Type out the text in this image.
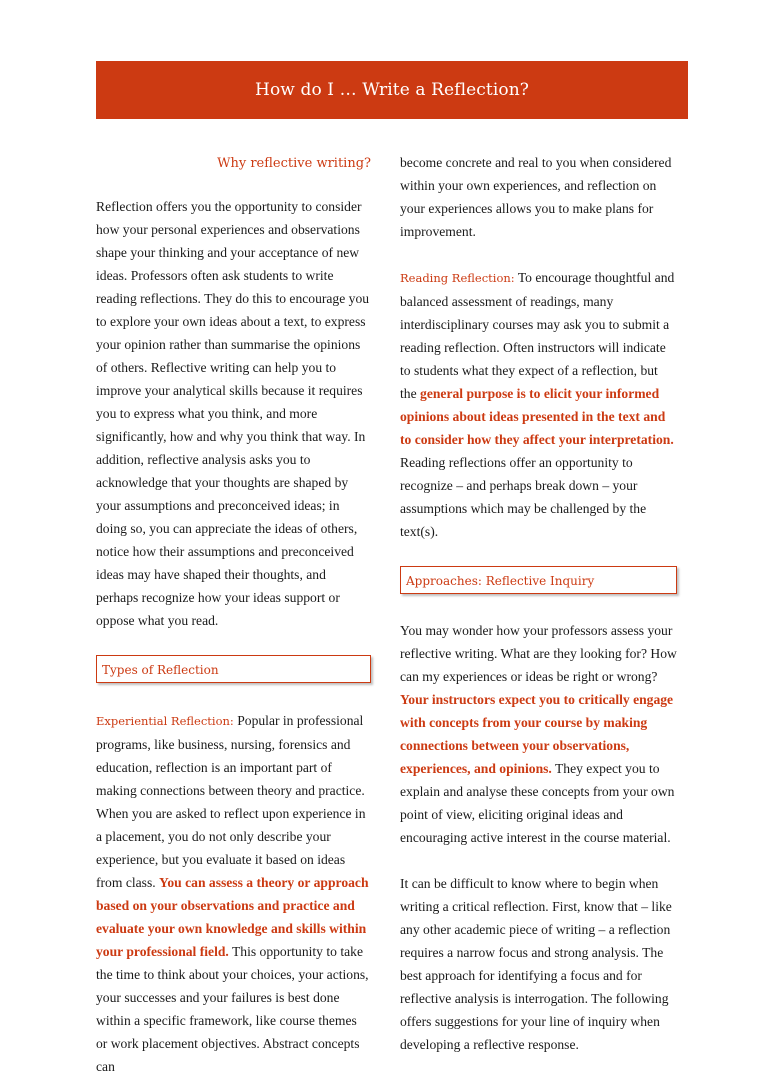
How do I … Write a Reflection?
Why reflective writing?

Reflection offers you the opportunity to consider how your personal experiences and observations shape your thinking and your acceptance of new ideas. Professors often ask students to write reading reflections. They do this to encourage you to explore your own ideas about a text, to express your opinion rather than summarise the opinions of others. Reflective writing can help you to improve your analytical skills because it requires you to express what you think, and more significantly, how and why you think that way. In addition, reflective analysis asks you to acknowledge that your thoughts are shaped by your assumptions and preconceived ideas; in doing so, you can appreciate the ideas of others, notice how their assumptions and preconceived ideas may have shaped their thoughts, and perhaps recognize how your ideas support or oppose what you read.

Types of Reflection

Experiential Reflection: Popular in professional programs, like business, nursing, forensics and education, reflection is an important part of making connections between theory and practice. When you are asked to reflect upon experience in a placement, you do not only describe your experience, but you evaluate it based on ideas from class. You can assess a theory or approach based on your observations and practice and evaluate your own knowledge and skills within your professional field. This opportunity to take the time to think about your choices, your actions, your successes and your failures is best done within a specific framework, like course themes or work placement objectives. Abstract concepts can

become concrete and real to you when considered within your own experiences, and reflection on your experiences allows you to make plans for improvement.

Reading Reflection: To encourage thoughtful and balanced assessment of readings, many interdisciplinary courses may ask you to submit a reading reflection. Often instructors will indicate to students what they expect of a reflection, but the general purpose is to elicit your informed opinions about ideas presented in the text and to consider how they affect your interpretation. Reading reflections offer an opportunity to recognize – and perhaps break down – your assumptions which may be challenged by the text(s).

Approaches: Reflective Inquiry

You may wonder how your professors assess your reflective writing. What are they looking for? How can my experiences or ideas be right or wrong? Your instructors expect you to critically engage with concepts from your course by making connections between your observations, experiences, and opinions. They expect you to explain and analyse these concepts from your own point of view, eliciting original ideas and encouraging active interest in the course material.

It can be difficult to know where to begin when writing a critical reflection. First, know that – like any other academic piece of writing – a reflection requires a narrow focus and strong analysis. The best approach for identifying a focus and for reflective analysis is interrogation. The following offers suggestions for your line of inquiry when developing a reflective response.
